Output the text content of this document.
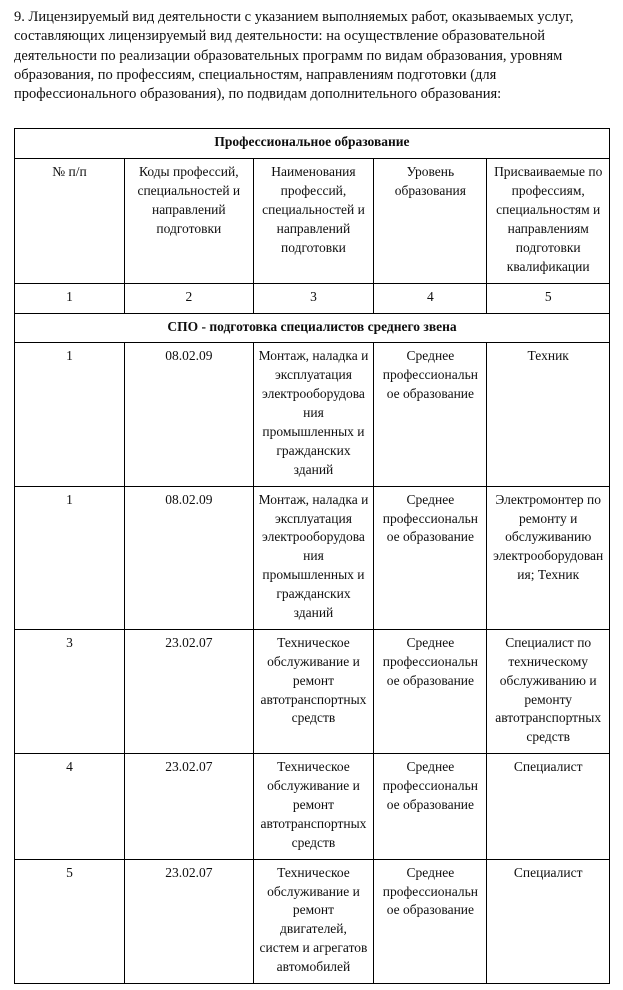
9. Лицензируемый вид деятельности с указанием выполняемых работ, оказываемых услуг, составляющих лицензируемый вид деятельности: на осуществление образовательной деятельности по реализации образовательных программ по видам образования, уровням образования, по профессиям, специальностям, направлениям подготовки (для профессионального образования), по подвидам дополнительного образования:

Профессиональное образование				
№ п/п	Коды профессий, специальностей и направлений подготовки	Наименования профессий, специальностей и направлений подготовки	Уровень образования	Присваиваемые по профессиям, специальностям и направлениям подготовки квалификации
1	2	3	4	5
СПО - подготовка специалистов среднего звена				
1	08.02.09	Монтаж, наладка и эксплуатация электрооборудования промышленных и гражданских зданий	Среднее профессиональное образование	Техник
1	08.02.09	Монтаж, наладка и эксплуатация электрооборудования промышленных и гражданских зданий	Среднее профессиональное образование	Электромонтер по ремонту и обслуживанию электрооборудования; Техник
3	23.02.07	Техническое обслуживание и ремонт автотранспортных средств	Среднее профессиональное образование	Специалист по техническому обслуживанию и ремонту автотранспортных средств
4	23.02.07	Техническое обслуживание и ремонт автотранспортных средств	Среднее профессиональное образование	Специалист
5	23.02.07	Техническое обслуживание и ремонт двигателей, систем и агрегатов автомобилей	Среднее профессиональное образование	Специалист
